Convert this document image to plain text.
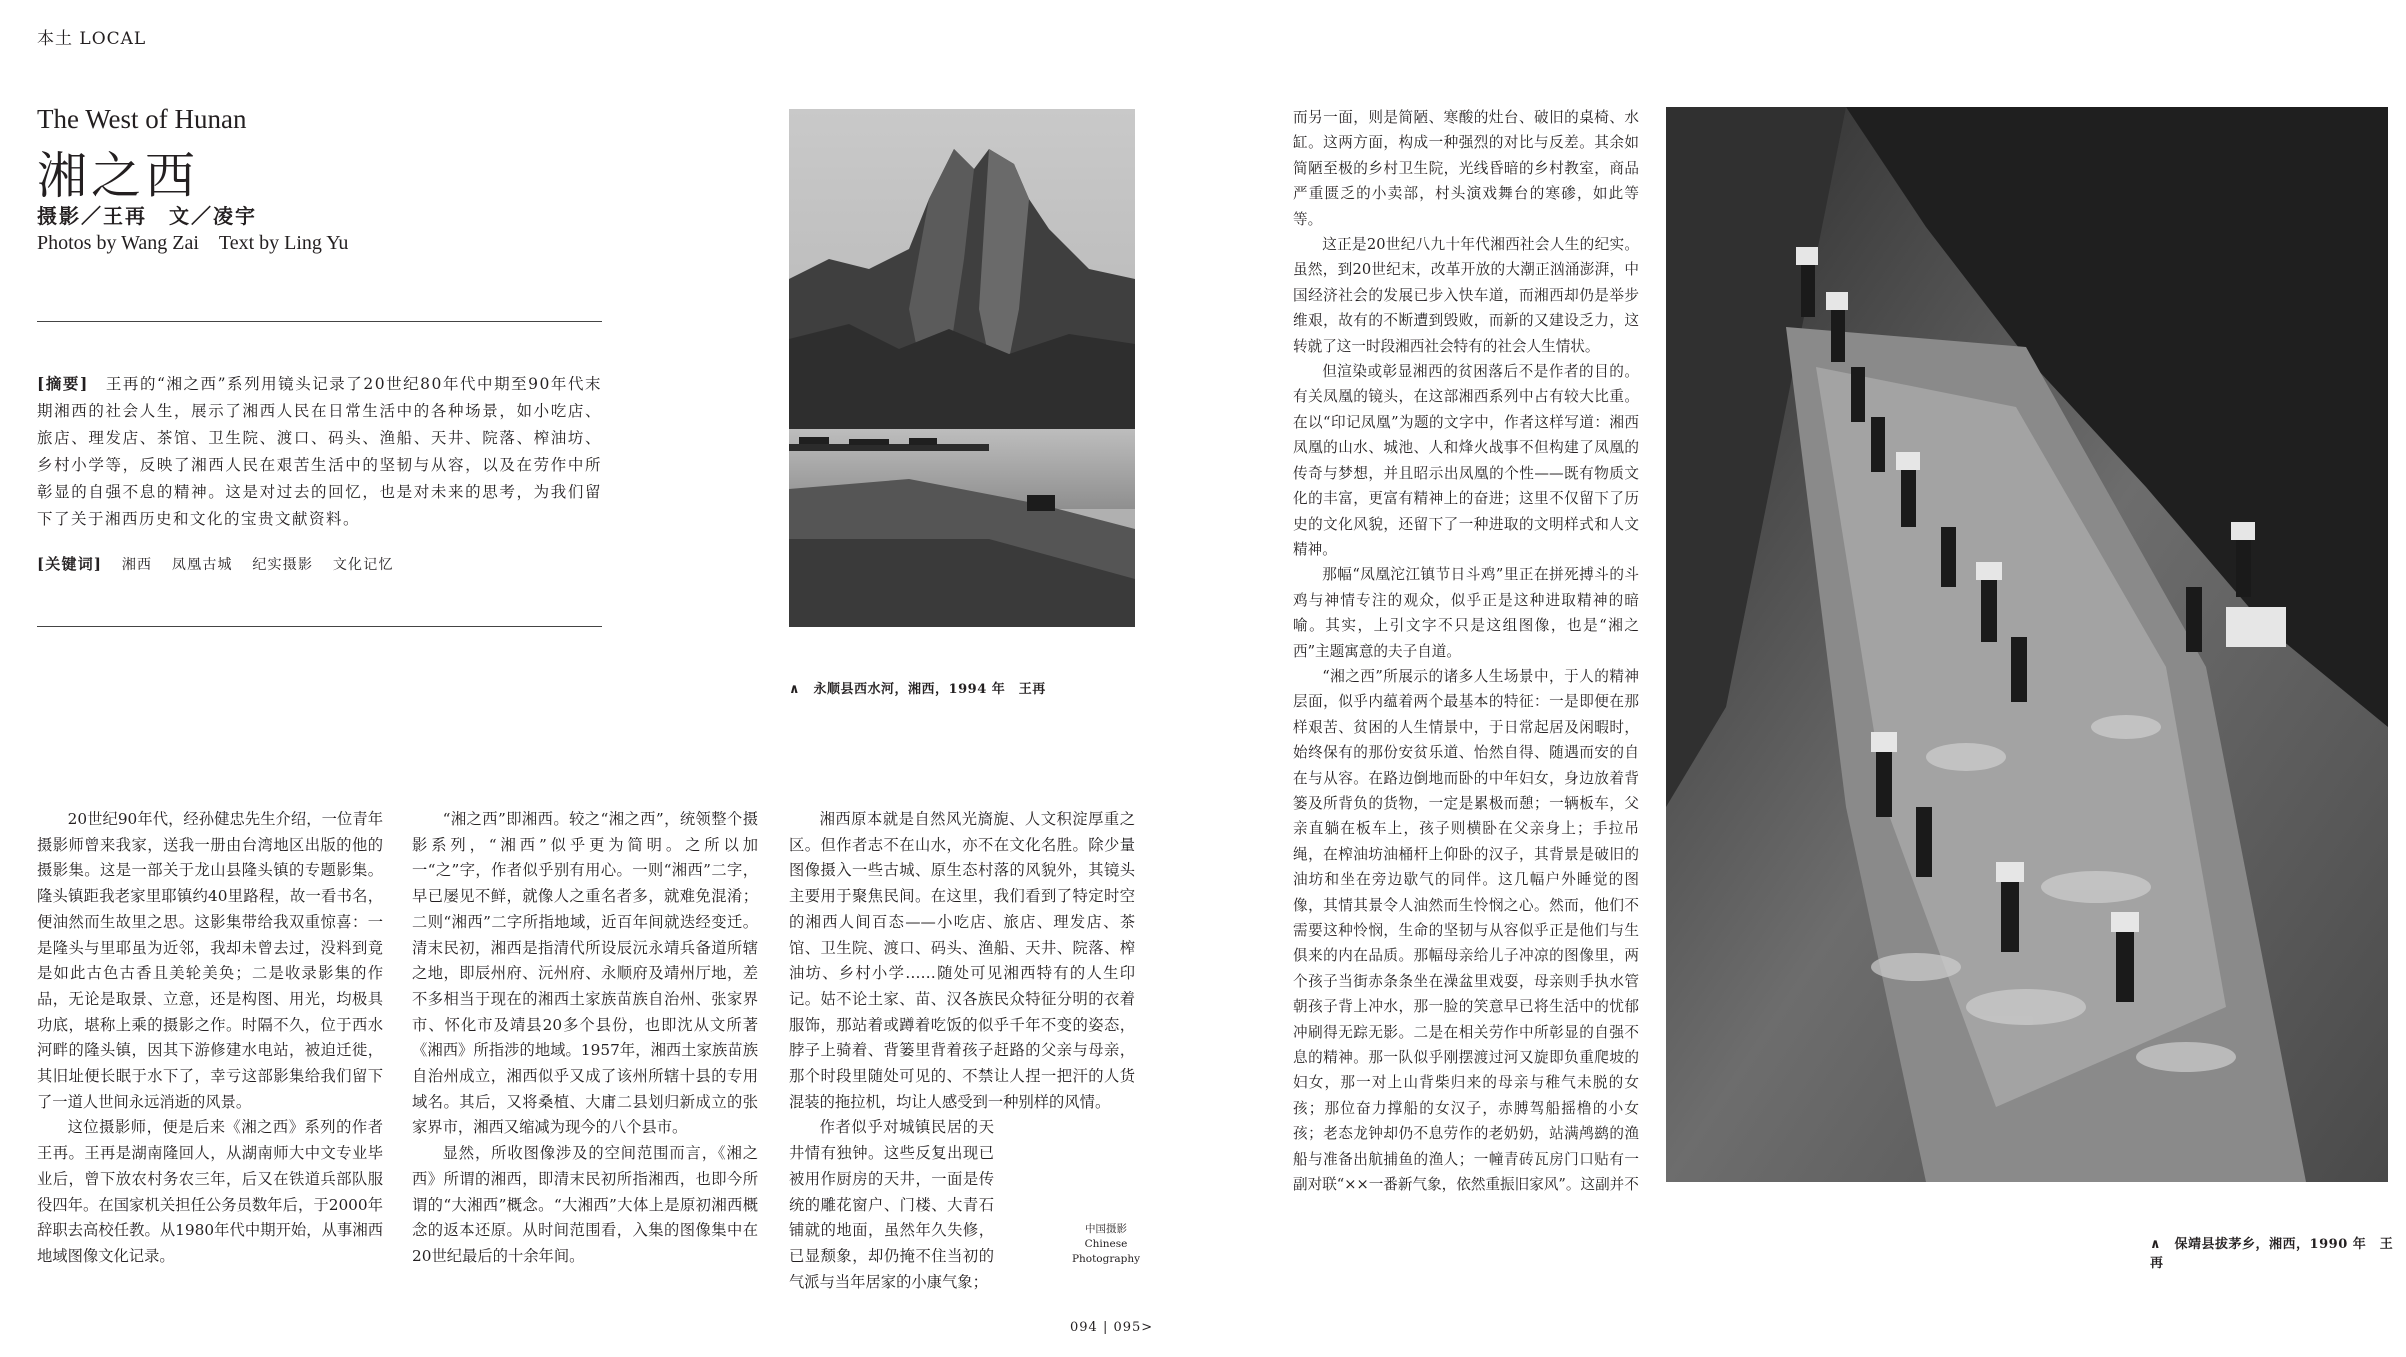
本土 LOCAL
The West of Hunan
湘之西
摄影／王再　文／凌宇
Photos by Wang Zai　Text by Ling Yu
[摘要]　 王再的“湘之西”系列用镜头记录了20世纪80年代中期至90年代末期湘西的社会人生，展示了湘西人民在日常生活中的各种场景，如小吃店、旅店、理发店、茶馆、卫生院、渡口、码头、渔船、天井、院落、榨油坊、乡村小学等，反映了湘西人民在艰苦生活中的坚韧与从容，以及在劳作中所彰显的自强不息的精神。这是对过去的回忆，也是对未来的思考，为我们留下了关于湘西历史和文化的宝贵文献资料。
[关键词] 湘西 凤凰古城 纪实摄影 文化记忆
∧　永顺县西水河，湘西，1994 年　王再
∧　保靖县拔茅乡，湘西，1990 年　王再

20世纪90年代，经孙健忠先生介绍，一位青年摄影师曾来我家，送我一册由台湾地区出版的他的摄影集。这是一部关于龙山县隆头镇的专题影集。隆头镇距我老家里耶镇约40里路程，故一看书名，便油然而生故里之思。这影集带给我双重惊喜：一是隆头与里耶虽为近邻，我却未曾去过，没料到竟是如此古色古香且美轮美奂；二是收录影集的作品，无论是取景、立意，还是构图、用光，均极具功底，堪称上乘的摄影之作。时隔不久，位于西水河畔的隆头镇，因其下游修建水电站，被迫迁徙，其旧址便长眠于水下了，幸亏这部影集给我们留下了一道人世间永远消逝的风景。

这位摄影师，便是后来《湘之西》系列的作者王再。王再是湖南隆回人，从湖南师大中文专业毕业后，曾下放农村务农三年，后又在铁道兵部队服役四年。在国家机关担任公务员数年后，于2000年辞职去高校任教。从1980年代中期开始，从事湘西地域图像文化记录。

“湘之西”即湘西。较之“湘之西”，统领整个摄影系列，“湘西”似乎更为简明。之所以加一“之”字，作者似乎别有用心。一则“湘西”二字，早已屡见不鲜，就像人之重名者多，就难免混淆；二则“湘西”二字所指地域，近百年间就迭经变迁。清末民初，湘西是指清代所设辰沅永靖兵备道所辖之地，即辰州府、沅州府、永顺府及靖州厅地，差不多相当于现在的湘西土家族苗族自治州、张家界市、怀化市及靖县20多个县份，也即沈从文所著《湘西》所指涉的地域。1957年，湘西土家族苗族自治州成立，湘西似乎又成了该州所辖十县的专用域名。其后，又将桑植、大庸二县划归新成立的张家界市，湘西又缩减为现今的八个县市。

显然，所收图像涉及的空间范围而言，《湘之西》所谓的湘西，即清末民初所指湘西，也即今所谓的“大湘西”概念。“大湘西”大体上是原初湘西概念的返本还原。从时间范围看，入集的图像集中在20世纪最后的十余年间。

湘西原本就是自然风光旖旎、人文积淀厚重之区。但作者志不在山水，亦不在文化名胜。除少量图像摄入一些古城、原生态村落的风貌外，其镜头主要用于聚焦民间。在这里，我们看到了特定时空的湘西人间百态——小吃店、旅店、理发店、茶馆、卫生院、渡口、码头、渔船、天井、院落、榨油坊、乡村小学……随处可见湘西特有的人生印记。姑不论土家、苗、汉各族民众特征分明的衣着服饰，那站着或蹲着吃饭的似乎千年不变的姿态，脖子上骑着、背篓里背着孩子赶路的父亲与母亲，那个时段里随处可见的、不禁让人捏一把汗的人货混装的拖拉机，均让人感受到一种别样的风情。

作者似乎对城镇民居的天井情有独钟。这些反复出现已被用作厨房的天井，一面是传统的雕花窗户、门楼、大青石铺就的地面，虽然年久失修，已显颓象，却仍掩不住当初的气派与当年居家的小康气象；

中国摄影
Chinese
Photography

而另一面，则是简陋、寒酸的灶台、破旧的桌椅、水缸。这两方面，构成一种强烈的对比与反差。其余如简陋至极的乡村卫生院，光线昏暗的乡村教室，商品严重匮乏的小卖部，村头演戏舞台的寒碜，如此等等。

这正是20世纪八九十年代湘西社会人生的纪实。虽然，到20世纪末，改革开放的大潮正汹涌澎湃，中国经济社会的发展已步入快车道，而湘西却仍是举步维艰，故有的不断遭到毁败，而新的又建设乏力，这转就了这一时段湘西社会特有的社会人生情状。

但渲染或彰显湘西的贫困落后不是作者的目的。有关凤凰的镜头，在这部湘西系列中占有较大比重。在以“印记凤凰”为题的文字中，作者这样写道：湘西凤凰的山水、城池、人和烽火战事不但构建了凤凰的传奇与梦想，并且昭示出凤凰的个性——既有物质文化的丰富，更富有精神上的奋进；这里不仅留下了历史的文化风貌，还留下了一种进取的文明样式和人文精神。

那幅“凤凰沱江镇节日斗鸡”里正在拼死搏斗的斗鸡与神情专注的观众，似乎正是这种进取精神的暗喻。其实，上引文字不只是这组图像，也是“湘之西”主题寓意的夫子自道。

“湘之西”所展示的诸多人生场景中，于人的精神层面，似乎内蕴着两个最基本的特征：一是即便在那样艰苦、贫困的人生情景中，于日常起居及闲暇时，始终保有的那份安贫乐道、怡然自得、随遇而安的自在与从容。在路边倒地而卧的中年妇女，身边放着背篓及所背负的货物，一定是累极而憩；一辆板车，父亲直躺在板车上，孩子则横卧在父亲身上；手拉吊绳，在榨油坊油桶杆上仰卧的汉子，其背景是破旧的油坊和坐在旁边歇气的同伴。这几幅户外睡觉的图像，其情其景令人油然而生怜悯之心。然而，他们不需要这种怜悯，生命的坚韧与从容似乎正是他们与生俱来的内在品质。那幅母亲给儿子冲凉的图像里，两个孩子当街赤条条坐在澡盆里戏耍，母亲则手执水管朝孩子背上冲水，那一脸的笑意早已将生活中的忧郁冲刷得无踪无影。二是在相关劳作中所彰显的自强不息的精神。那一队似乎刚摆渡过河又旋即负重爬坡的妇女，那一对上山背柴归来的母亲与稚气未脱的女孩；那位奋力撑船的女汉子，赤膊驾船摇橹的小女孩；老态龙钟却仍不息劳作的老奶奶，站满鸬鹚的渔船与准备出航捕鱼的渔人；一幢青砖瓦房门口贴有一副对联“××一番新气象，依然重振旧家风”。这副并不

094 | 095>
